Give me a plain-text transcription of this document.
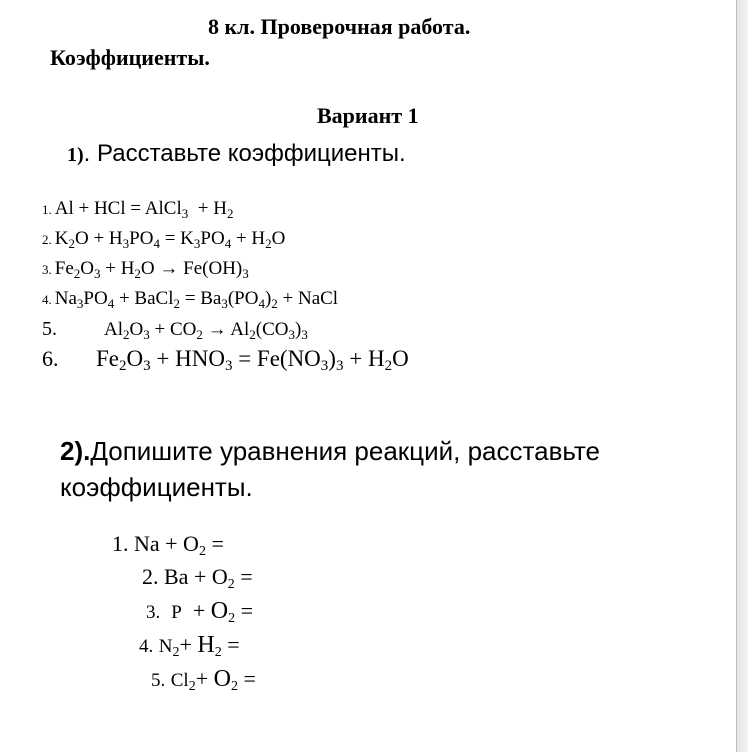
8 кл. Проверочная работа.
Коэффициенты.
Вариант 1
1). Расставьте коэффициенты.
1. Al + HCl = AlCl$_3$  + $H_2$
2. $K_2O + H_3PO_4 = K_3PO_4 + H_2O$
3. $Fe_2O_3 + H_2O \to Fe(OH)_3$
4. $Na_3PO_4$ + BaCl$_2$ = $Ba_3(PO_4)_2$ + NaCl
5. $Al_2O_3 + CO_2 \to Al_2(CO_3)_3$
6. $Fe_2O_3 + HNO_3 = Fe(NO_3)_3 + H_2O$
2).Допишите уравнения реакций, расставьте коэффициенты.
1. $Na + O_2$ =
2. $Ba + O_2$ =
3. $P + O_2$ =
4. $N_2+ H_2$ =
5. $Cl_2+ O_2$ =
